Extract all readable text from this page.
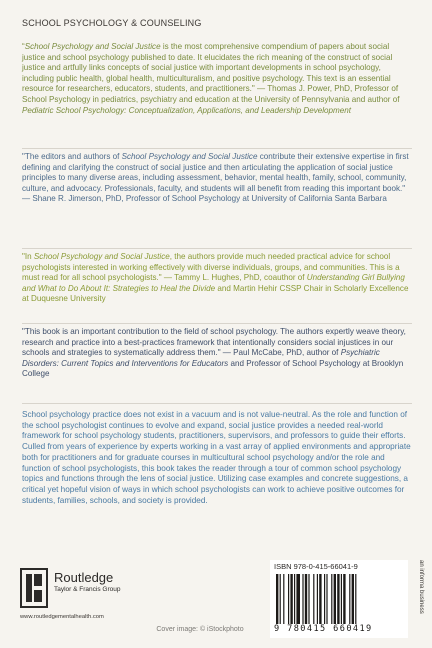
SCHOOL PSYCHOLOGY & COUNSELING

“School Psychology and Social Justice is the most comprehensive compendium of papers about social justice and school psychology published to date. It elucidates the rich meaning of the construct of social justice and artfully links concepts of social justice with important developments in school psychology, including public health, global health, multiculturalism, and positive psychology. This text is an essential resource for researchers, educators, students, and practitioners." — Thomas J. Power, PhD, Professor of School Psychology in pediatrics, psychiatry and education at the University of Pennsylvania and author of Pediatric School Psychology: Conceptualization, Applications, and Leadership Development

"The editors and authors of School Psychology and Social Justice contribute their extensive expertise in first defining and clarifying the construct of social justice and then articulating the application of social justice principles to many diverse areas, including assessment, behavior, mental health, family, school, community, culture, and advocacy. Professionals, faculty, and students will all benefit from reading this important book." — Shane R. Jimerson, PhD, Professor of School Psychology at University of California Santa Barbara

"In School Psychology and Social Justice, the authors provide much needed practical advice for school psychologists interested in working effectively with diverse individuals, groups, and communities. This is a must read for all school psychologists." — Tammy L. Hughes, PhD, coauthor of Understanding Girl Bullying and What to Do About It: Strategies to Heal the Divide and Martin Hehir CSSP Chair in Scholarly Excellence at Duquesne University

"This book is an important contribution to the field of school psychology. The authors expertly weave theory, research and practice into a best-practices framework that intentionally considers social injustices in our schools and strategies to systematically address them." — Paul McCabe, PhD, author of Psychiatric Disorders: Current Topics and Interventions for Educators and Professor of School Psychology at Brooklyn College

School psychology practice does not exist in a vacuum and is not value-neutral. As the role and function of the school psychologist continues to evolve and expand, social justice provides a needed real-world framework for school psychology students, practitioners, supervisors, and professors to guide their efforts. Culled from years of experience by experts working in a vast array of applied environments and appropriate both for practitioners and for graduate courses in multicultural school psychology and/or the role and function of school psychologists, this book takes the reader through a tour of common school psychology topics and functions through the lens of social justice. Utilizing case examples and concrete suggestions, a critical yet hopeful vision of ways in which school psychologists can work to achieve positive outcomes for students, families, schools, and society is provided.

Routledge
Taylor & Francis Group
www.routledgementalhealth.com
Cover image: © iStockphoto
ISBN 978-0-415-66041-9
9 780415 660419
an informa business
